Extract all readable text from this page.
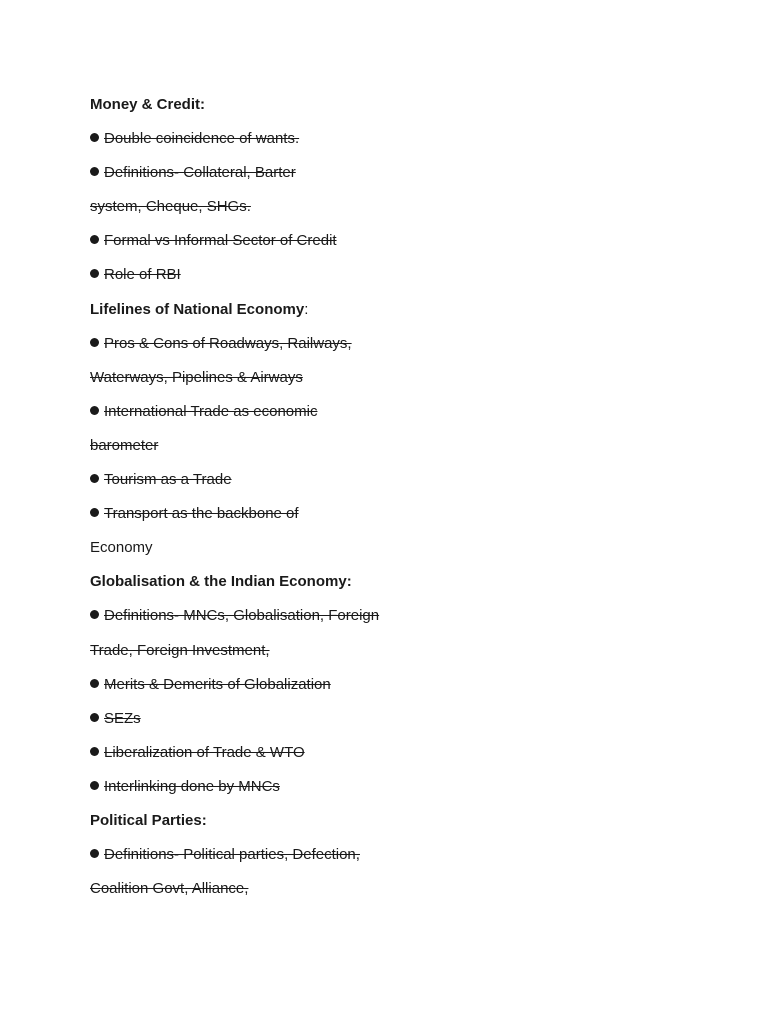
Money & Credit:
Double coincidence of wants.
Definitions- Collateral, Barter
system, Cheque, SHGs.
Formal vs Informal Sector of Credit
Role of RBI
Lifelines of National Economy:
Pros & Cons of Roadways, Railways,
Waterways, Pipelines & Airways
International Trade as economic
barometer
Tourism as a Trade
Transport as the backbone of
Economy
Globalisation & the Indian Economy:
Definitions- MNCs, Globalisation, Foreign
Trade, Foreign Investment,
Merits & Demerits of Globalization
SEZs
Liberalization of Trade & WTO
Interlinking done by MNCs
Political Parties:
Definitions- Political parties, Defection,
Coalition Govt, Alliance,
